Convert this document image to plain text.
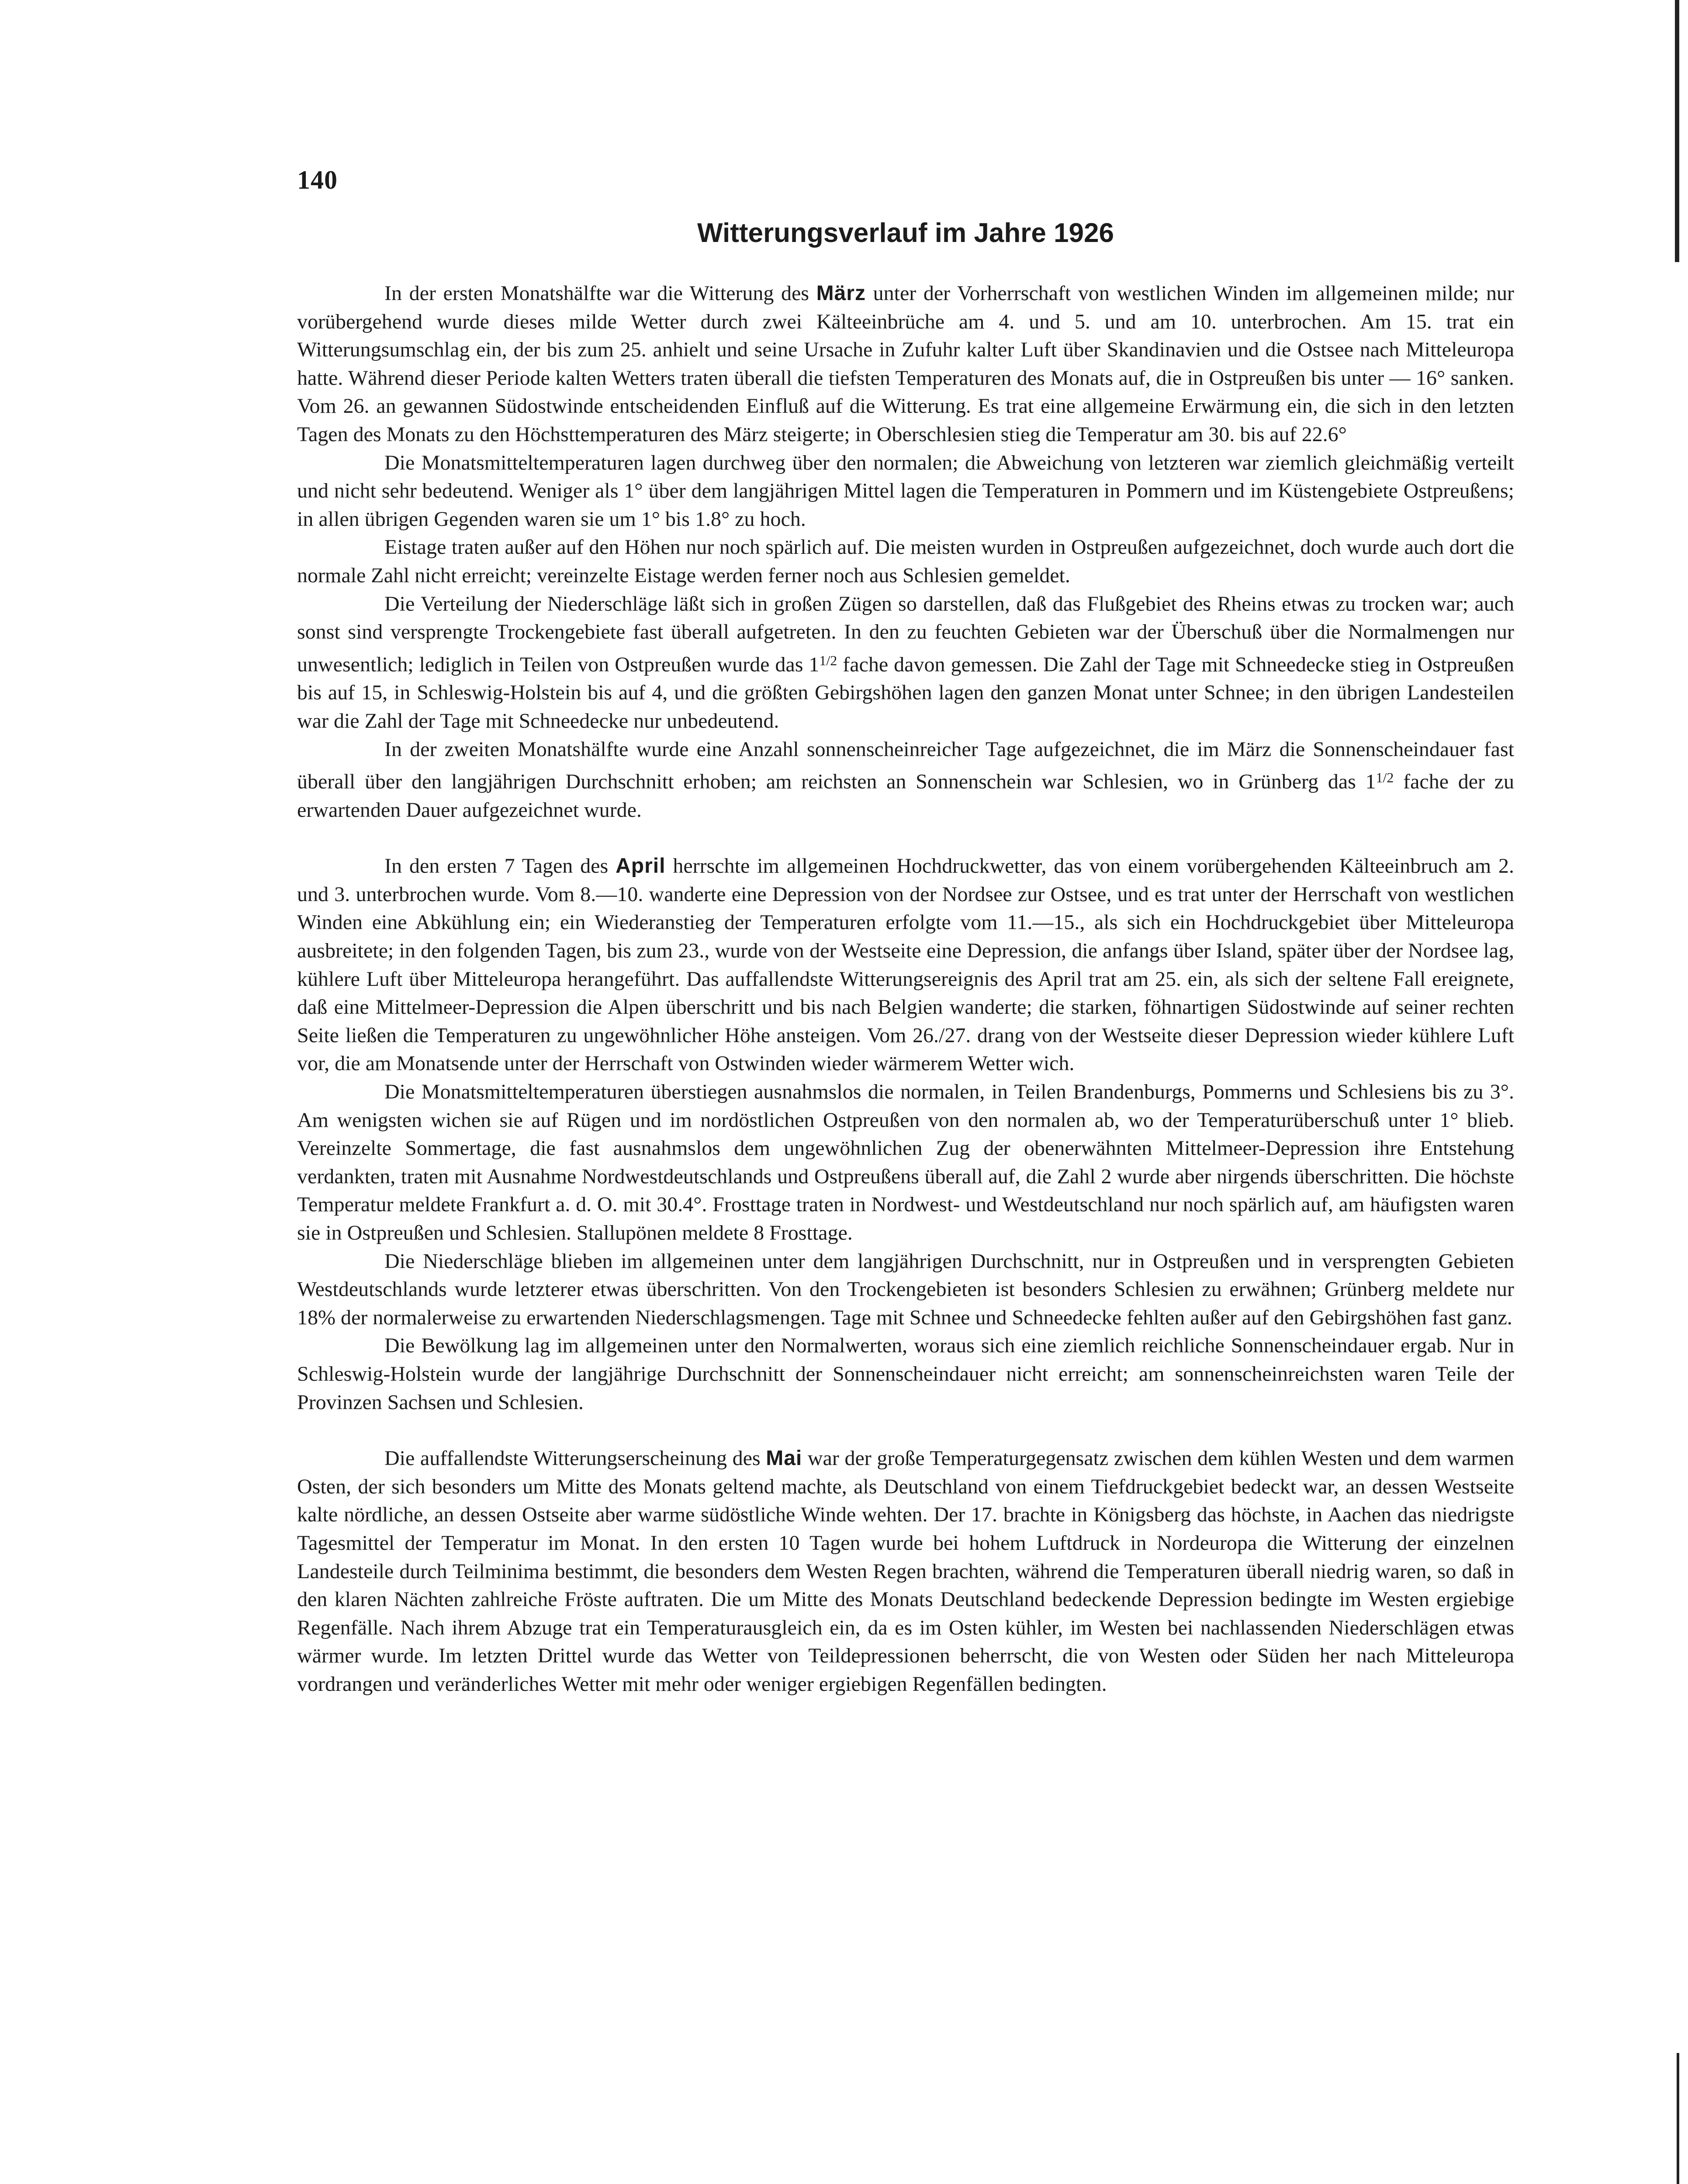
140
Witterungsverlauf im Jahre 1926

In der ersten Monatshälfte war die Witterung des März unter der Vorherrschaft von westlichen Winden im allgemeinen milde; nur vorübergehend wurde dieses milde Wetter durch zwei Kälteeinbrüche am 4. und 5. und am 10. unterbrochen. Am 15. trat ein Witterungsumschlag ein, der bis zum 25. anhielt und seine Ursache in Zufuhr kalter Luft über Skandinavien und die Ostsee nach Mitteleuropa hatte. Während dieser Periode kalten Wetters traten überall die tiefsten Temperaturen des Monats auf, die in Ostpreußen bis unter — 16° sanken. Vom 26. an gewannen Südostwinde entscheidenden Einfluß auf die Witterung. Es trat eine allgemeine Erwärmung ein, die sich in den letzten Tagen des Monats zu den Höchsttemperaturen des März steigerte; in Oberschlesien stieg die Temperatur am 30. bis auf 22.6°

Die Monatsmitteltemperaturen lagen durchweg über den normalen; die Abweichung von letzteren war ziemlich gleichmäßig verteilt und nicht sehr bedeutend. Weniger als 1° über dem langjährigen Mittel lagen die Temperaturen in Pommern und im Küstengebiete Ostpreußens; in allen übrigen Gegenden waren sie um 1° bis 1.8° zu hoch.

Eistage traten außer auf den Höhen nur noch spärlich auf. Die meisten wurden in Ostpreußen aufgezeichnet, doch wurde auch dort die normale Zahl nicht erreicht; vereinzelte Eistage werden ferner noch aus Schlesien gemeldet.

Die Verteilung der Niederschläge läßt sich in großen Zügen so darstellen, daß das Flußgebiet des Rheins etwas zu trocken war; auch sonst sind versprengte Trockengebiete fast überall aufgetreten. In den zu feuchten Gebieten war der Überschuß über die Normalmengen nur unwesentlich; lediglich in Teilen von Ostpreußen wurde das $1^{1/2}$ fache davon gemessen. Die Zahl der Tage mit Schneedecke stieg in Ostpreußen bis auf 15, in Schleswig-Holstein bis auf 4, und die größten Gebirgshöhen lagen den ganzen Monat unter Schnee; in den übrigen Landesteilen war die Zahl der Tage mit Schneedecke nur unbedeutend.

In der zweiten Monatshälfte wurde eine Anzahl sonnenscheinreicher Tage aufgezeichnet, die im März die Sonnenscheindauer fast überall über den langjährigen Durchschnitt erhoben; am reichsten an Sonnenschein war Schlesien, wo in Grünberg das $1^{1/2}$ fache der zu erwartenden Dauer aufgezeichnet wurde.

In den ersten 7 Tagen des April herrschte im allgemeinen Hochdruckwetter, das von einem vorübergehenden Kälteeinbruch am 2. und 3. unterbrochen wurde. Vom 8.—10. wanderte eine Depression von der Nordsee zur Ostsee, und es trat unter der Herrschaft von westlichen Winden eine Abkühlung ein; ein Wiederanstieg der Temperaturen erfolgte vom 11.—15., als sich ein Hochdruckgebiet über Mitteleuropa ausbreitete; in den folgenden Tagen, bis zum 23., wurde von der Westseite eine Depression, die anfangs über Island, später über der Nordsee lag, kühlere Luft über Mitteleuropa herangeführt. Das auffallendste Witterungsereignis des April trat am 25. ein, als sich der seltene Fall ereignete, daß eine Mittelmeer-Depression die Alpen überschritt und bis nach Belgien wanderte; die starken, föhnartigen Südostwinde auf seiner rechten Seite ließen die Temperaturen zu ungewöhnlicher Höhe ansteigen. Vom 26./27. drang von der Westseite dieser Depression wieder kühlere Luft vor, die am Monatsende unter der Herrschaft von Ostwinden wieder wärmerem Wetter wich.

Die Monatsmitteltemperaturen überstiegen ausnahmslos die normalen, in Teilen Brandenburgs, Pommerns und Schlesiens bis zu 3°. Am wenigsten wichen sie auf Rügen und im nordöstlichen Ostpreußen von den normalen ab, wo der Temperaturüberschuß unter 1° blieb. Vereinzelte Sommertage, die fast ausnahmslos dem ungewöhnlichen Zug der obenerwähnten Mittelmeer-Depression ihre Entstehung verdankten, traten mit Ausnahme Nordwestdeutschlands und Ostpreußens überall auf, die Zahl 2 wurde aber nirgends überschritten. Die höchste Temperatur meldete Frankfurt a. d. O. mit 30.4°. Frosttage traten in Nordwest- und Westdeutschland nur noch spärlich auf, am häufigsten waren sie in Ostpreußen und Schlesien. Stallupönen meldete 8 Frosttage.

Die Niederschläge blieben im allgemeinen unter dem langjährigen Durchschnitt, nur in Ostpreußen und in versprengten Gebieten Westdeutschlands wurde letzterer etwas überschritten. Von den Trockengebieten ist besonders Schlesien zu erwähnen; Grünberg meldete nur 18% der normalerweise zu erwartenden Niederschlagsmengen. Tage mit Schnee und Schneedecke fehlten außer auf den Gebirgshöhen fast ganz.

Die Bewölkung lag im allgemeinen unter den Normalwerten, woraus sich eine ziemlich reichliche Sonnenscheindauer ergab. Nur in Schleswig-Holstein wurde der langjährige Durchschnitt der Sonnenscheindauer nicht erreicht; am sonnenscheinreichsten waren Teile der Provinzen Sachsen und Schlesien.

Die auffallendste Witterungserscheinung des Mai war der große Temperaturgegensatz zwischen dem kühlen Westen und dem warmen Osten, der sich besonders um Mitte des Monats geltend machte, als Deutschland von einem Tiefdruckgebiet bedeckt war, an dessen Westseite kalte nördliche, an dessen Ostseite aber warme südöstliche Winde wehten. Der 17. brachte in Königsberg das höchste, in Aachen das niedrigste Tagesmittel der Temperatur im Monat. In den ersten 10 Tagen wurde bei hohem Luftdruck in Nordeuropa die Witterung der einzelnen Landesteile durch Teilminima bestimmt, die besonders dem Westen Regen brachten, während die Temperaturen überall niedrig waren, so daß in den klaren Nächten zahlreiche Fröste auftraten. Die um Mitte des Monats Deutschland bedeckende Depression bedingte im Westen ergiebige Regenfälle. Nach ihrem Abzuge trat ein Temperaturausgleich ein, da es im Osten kühler, im Westen bei nachlassenden Niederschlägen etwas wärmer wurde. Im letzten Drittel wurde das Wetter von Teildepressionen beherrscht, die von Westen oder Süden her nach Mitteleuropa vordrangen und veränderliches Wetter mit mehr oder weniger ergiebigen Regenfällen bedingten.
